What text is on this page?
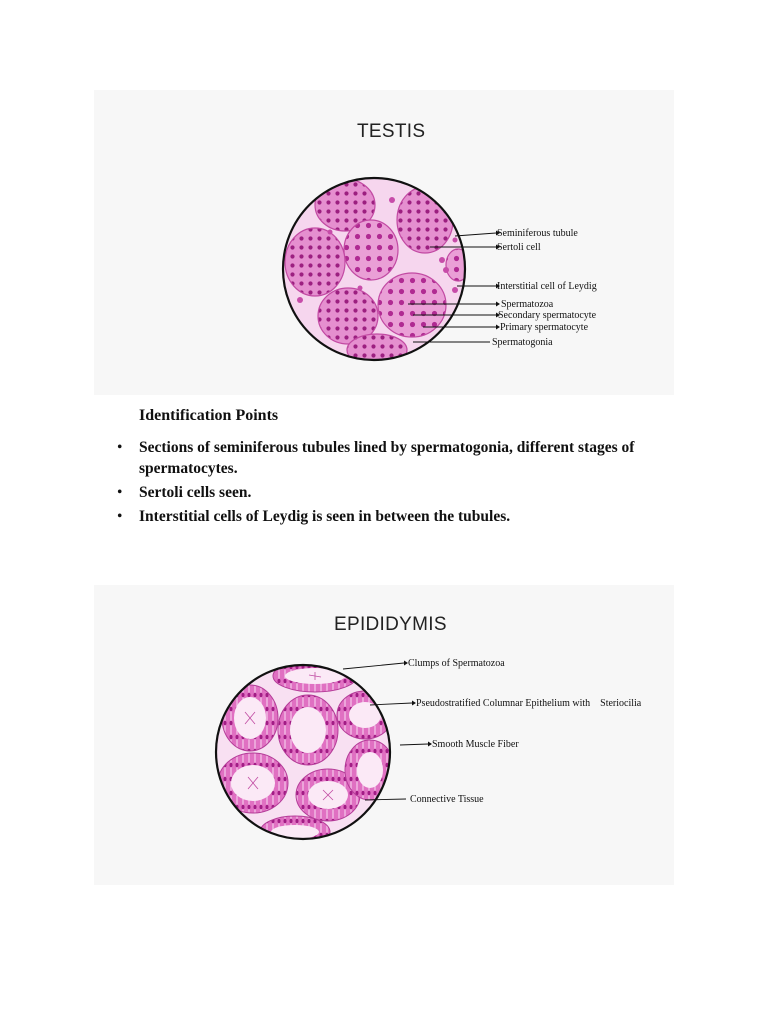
TESTIS
Seminiferous tubule
Sertoli cell
Interstitial cell of Leydig
Spermatozoa
Secondary spermatocyte
Primary spermatocyte
Spermatogonia
Identification Points
• Sections of seminiferous tubules lined by spermatogonia, different stages of spermatocytes.
• Sertoli cells seen.
• Interstitial cells of Leydig is seen in between the tubules.
EPIDIDYMIS
Clumps of Spermatozoa
Pseudostratified Columnar Epithelium with    Steriocilia
Smooth Muscle Fiber
Connective Tissue
